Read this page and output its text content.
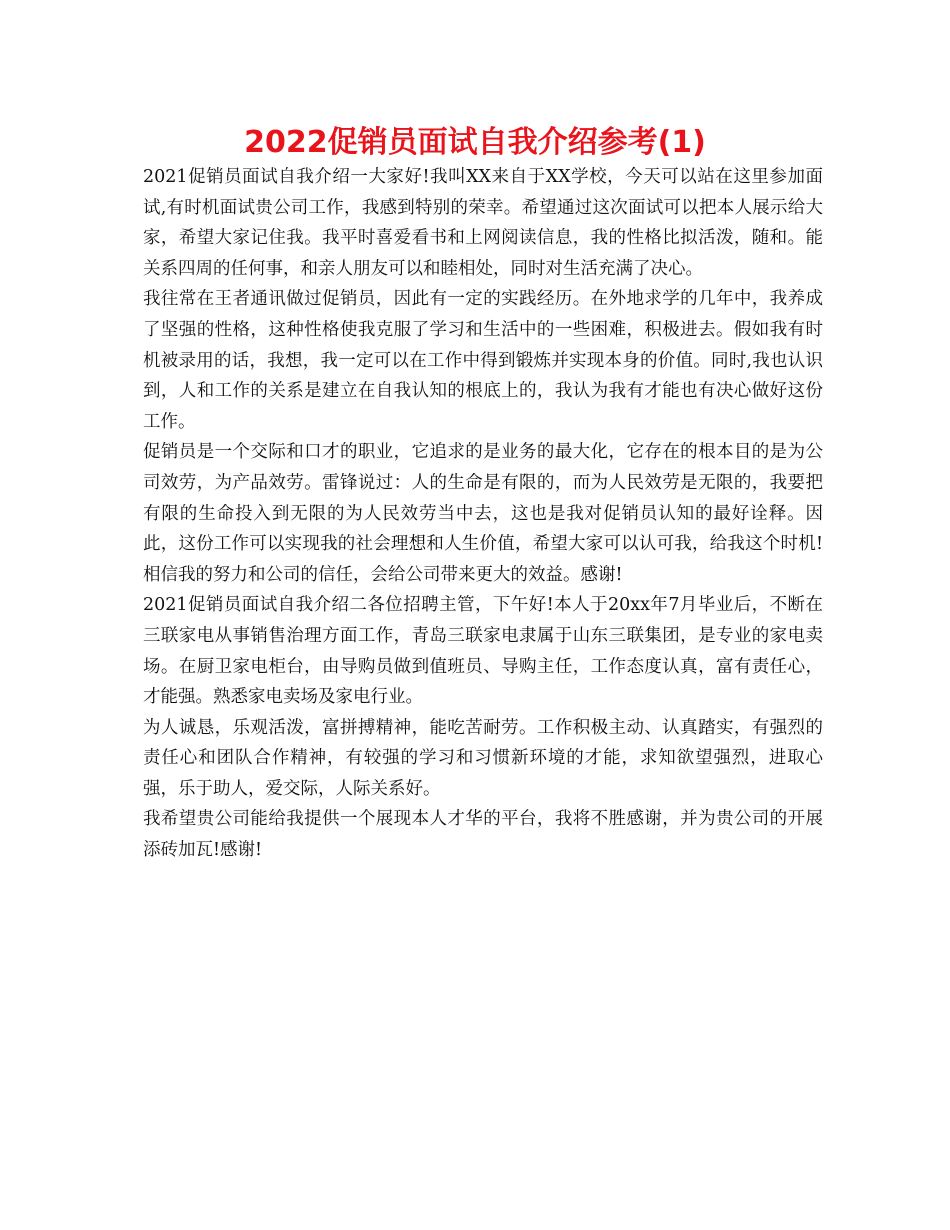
2022促销员面试自我介绍参考(1)

2021促销员面试自我介绍一大家好!我叫XX来自于XX学校，今天可以站在这里参加面试,有时机面试贵公司工作，我感到特别的荣幸。希望通过这次面试可以把本人展示给大家，希望大家记住我。我平时喜爱看书和上网阅读信息，我的性格比拟活泼，随和。能关系四周的任何事，和亲人朋友可以和睦相处，同时对生活充满了决心。

我往常在王者通讯做过促销员，因此有一定的实践经历。在外地求学的几年中，我养成了坚强的性格，这种性格使我克服了学习和生活中的一些困难，积极进去。假如我有时机被录用的话，我想，我一定可以在工作中得到锻炼并实现本身的价值。同时,我也认识到，人和工作的关系是建立在自我认知的根底上的，我认为我有才能也有决心做好这份工作。

促销员是一个交际和口才的职业，它追求的是业务的最大化，它存在的根本目的是为公司效劳，为产品效劳。雷锋说过：人的生命是有限的，而为人民效劳是无限的，我要把有限的生命投入到无限的为人民效劳当中去，这也是我对促销员认知的最好诠释。因此，这份工作可以实现我的社会理想和人生价值，希望大家可以认可我，给我这个时机!相信我的努力和公司的信任，会给公司带来更大的效益。感谢!

2021促销员面试自我介绍二各位招聘主管，下午好!本人于20xx年7月毕业后，不断在三联家电从事销售治理方面工作，青岛三联家电隶属于山东三联集团，是专业的家电卖场。在厨卫家电柜台，由导购员做到值班员、导购主任，工作态度认真，富有责任心，才能强。熟悉家电卖场及家电行业。

为人诚恳，乐观活泼，富拼搏精神，能吃苦耐劳。工作积极主动、认真踏实，有强烈的责任心和团队合作精神，有较强的学习和习惯新环境的才能，求知欲望强烈，进取心强，乐于助人，爱交际，人际关系好。

我希望贵公司能给我提供一个展现本人才华的平台，我将不胜感谢，并为贵公司的开展添砖加瓦!感谢!
